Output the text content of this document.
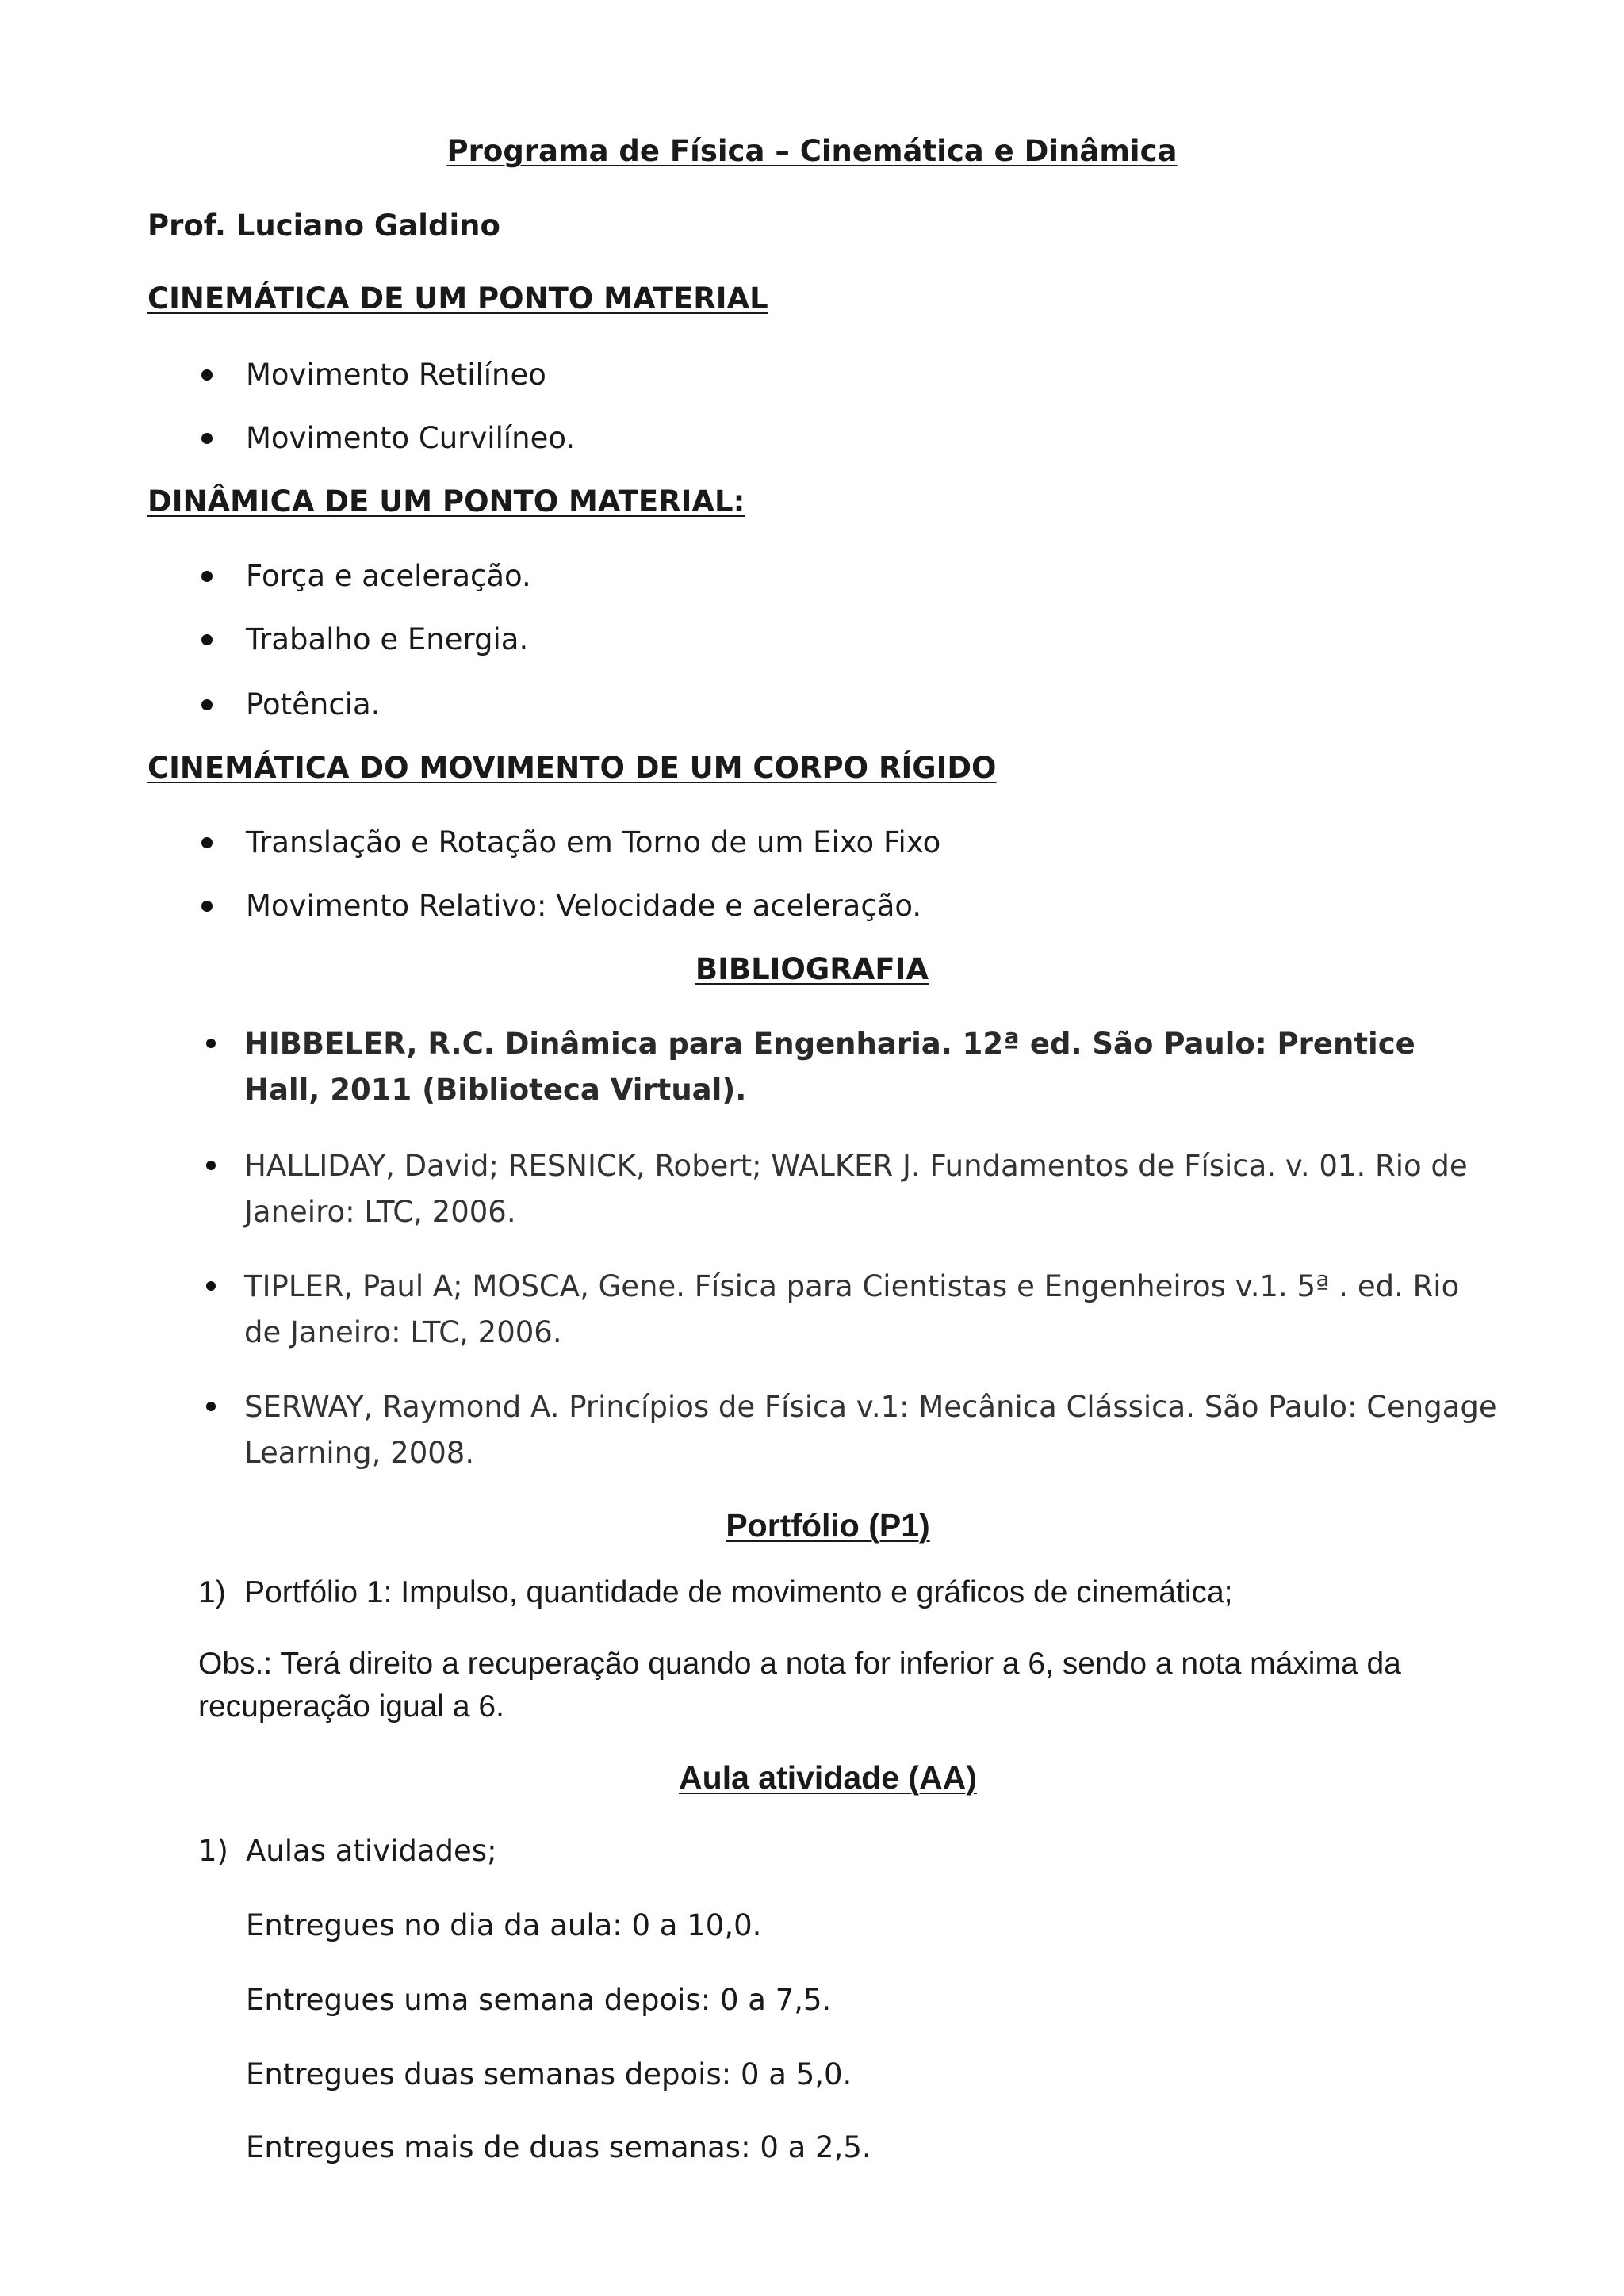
Programa de Física – Cinemática e Dinâmica
Prof. Luciano Galdino
CINEMÁTICA DE UM PONTO MATERIAL
Movimento Retilíneo
Movimento Curvilíneo.
DINÂMICA DE UM PONTO MATERIAL:
Força e aceleração.
Trabalho e Energia.
Potência.
CINEMÁTICA DO MOVIMENTO DE UM CORPO RÍGIDO
Translação e Rotação em Torno de um Eixo Fixo
Movimento Relativo: Velocidade e aceleração.
BIBLIOGRAFIA
HIBBELER, R.C. Dinâmica para Engenharia. 12ª ed. São Paulo: Prentice Hall, 2011 (Biblioteca Virtual).
HALLIDAY, David; RESNICK, Robert; WALKER J. Fundamentos de Física. v. 01. Rio de Janeiro: LTC, 2006.
TIPLER, Paul A; MOSCA, Gene. Física para Cientistas e Engenheiros v.1. 5ª . ed. Rio de Janeiro: LTC, 2006.
SERWAY, Raymond A. Princípios de Física v.1: Mecânica Clássica. São Paulo: Cengage Learning, 2008.
Portfólio (P1)
1) Portfólio 1: Impulso, quantidade de movimento e gráficos de cinemática;
Obs.: Terá direito a recuperação quando a nota for inferior a 6, sendo a nota máxima da recuperação igual a 6.
Aula atividade (AA)
1) Aulas atividades;
Entregues no dia da aula: 0 a 10,0.
Entregues uma semana depois: 0 a 7,5.
Entregues duas semanas depois: 0 a 5,0.
Entregues mais de duas semanas: 0 a 2,5.
